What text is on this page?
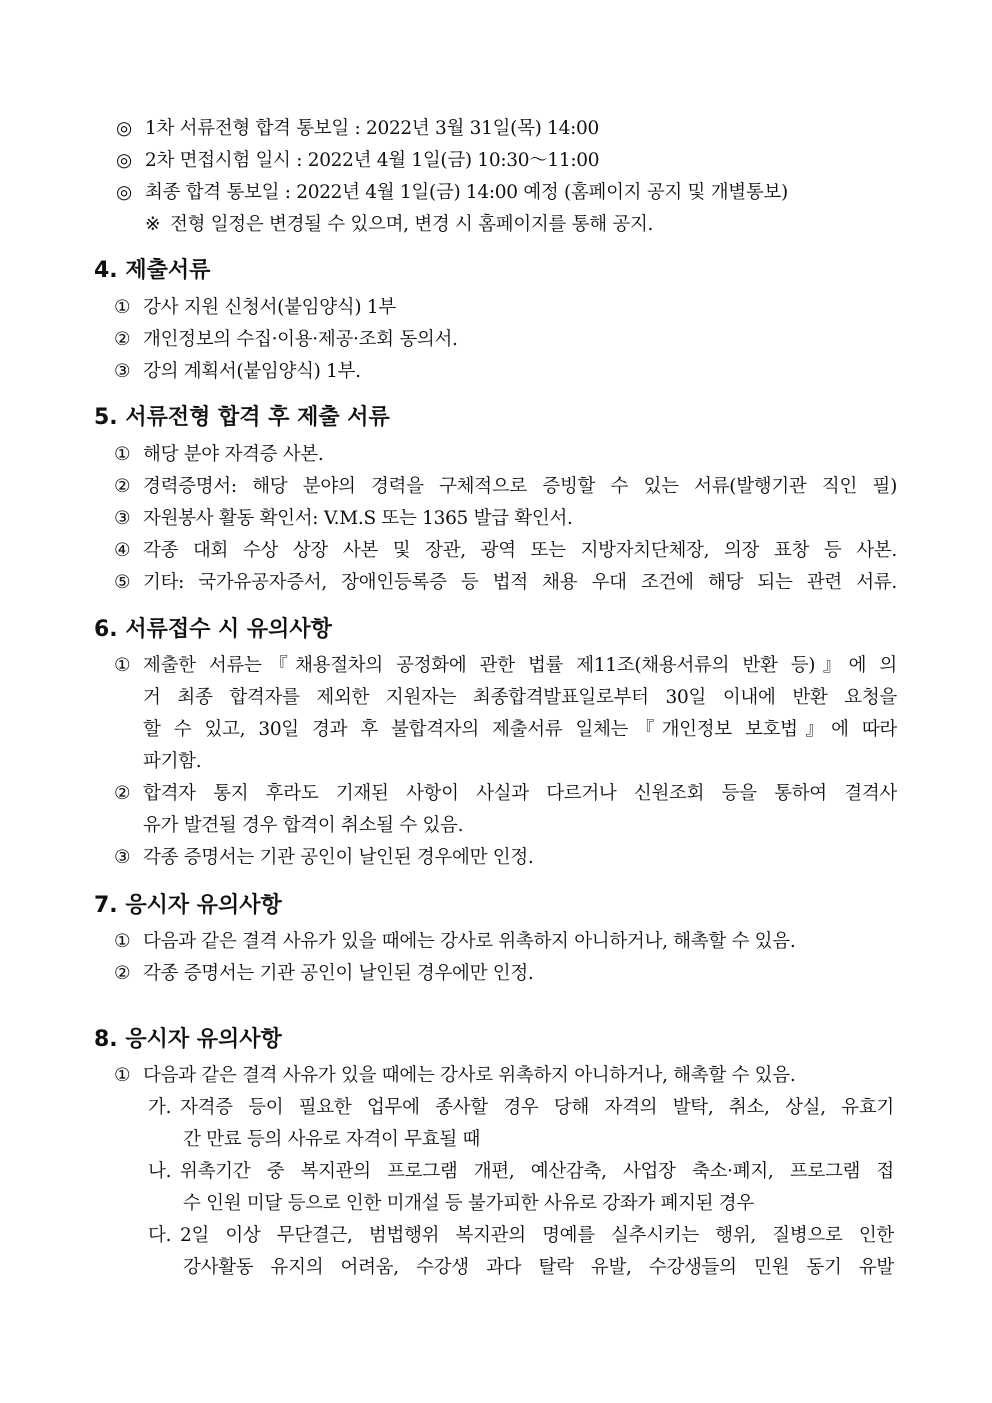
◎ 1차 서류전형 합격 통보일 : 2022년 3월 31일(목) 14:00
◎ 2차 면접시험 일시 : 2022년 4월 1일(금) 10:30～11:00
◎ 최종 합격 통보일 : 2022년 4월 1일(금) 14:00 예정 (홈페이지 공지 및 개별통보)
※ 전형 일정은 변경될 수 있으며, 변경 시 홈페이지를 통해 공지.
4. 제출서류
① 강사 지원 신청서(붙임양식) 1부
② 개인정보의 수집·이용·제공·조회 동의서.
③ 강의 계획서(붙임양식) 1부.
5. 서류전형 합격 후 제출 서류
① 해당 분야 자격증 사본.
② 경력증명서: 해당 분야의 경력을 구체적으로 증빙할 수 있는 서류(발행기관 직인 필)
③ 자원봉사 활동 확인서: V.M.S 또는 1365 발급 확인서.
④ 각종 대회 수상 상장 사본 및 장관, 광역 또는 지방자치단체장, 의장 표창 등 사본.
⑤ 기타: 국가유공자증서, 장애인등록증 등 법적 채용 우대 조건에 해당 되는 관련 서류.
6. 서류접수 시 유의사항
① 제출한 서류는『채용절차의 공정화에 관한 법률 제11조(채용서류의 반환 등)』에 의
거 최종 합격자를 제외한 지원자는 최종합격발표일로부터 30일 이내에 반환 요청을
할 수 있고, 30일 경과 후 불합격자의 제출서류 일체는『개인정보 보호법』에 따라
파기함.
② 합격자 통지 후라도 기재된 사항이 사실과 다르거나 신원조회 등을 통하여 결격사
유가 발견될 경우 합격이 취소될 수 있음.
③ 각종 증명서는 기관 공인이 날인된 경우에만 인정.
7. 응시자 유의사항
① 다음과 같은 결격 사유가 있을 때에는 강사로 위촉하지 아니하거나, 해촉할 수 있음.
② 각종 증명서는 기관 공인이 날인된 경우에만 인정.
8. 응시자 유의사항
① 다음과 같은 결격 사유가 있을 때에는 강사로 위촉하지 아니하거나, 해촉할 수 있음.
가. 자격증 등이 필요한 업무에 종사할 경우 당해 자격의 발탁, 취소, 상실, 유효기
간 만료 등의 사유로 자격이 무효될 때
나. 위촉기간 중 복지관의 프로그램 개편, 예산감축, 사업장 축소·폐지, 프로그램 접
수 인원 미달 등으로 인한 미개설 등 불가피한 사유로 강좌가 폐지된 경우
다. 2일 이상 무단결근, 범법행위 복지관의 명예를 실추시키는 행위, 질병으로 인한
강사활동 유지의 어려움, 수강생 과다 탈락 유발, 수강생들의 민원 동기 유발
